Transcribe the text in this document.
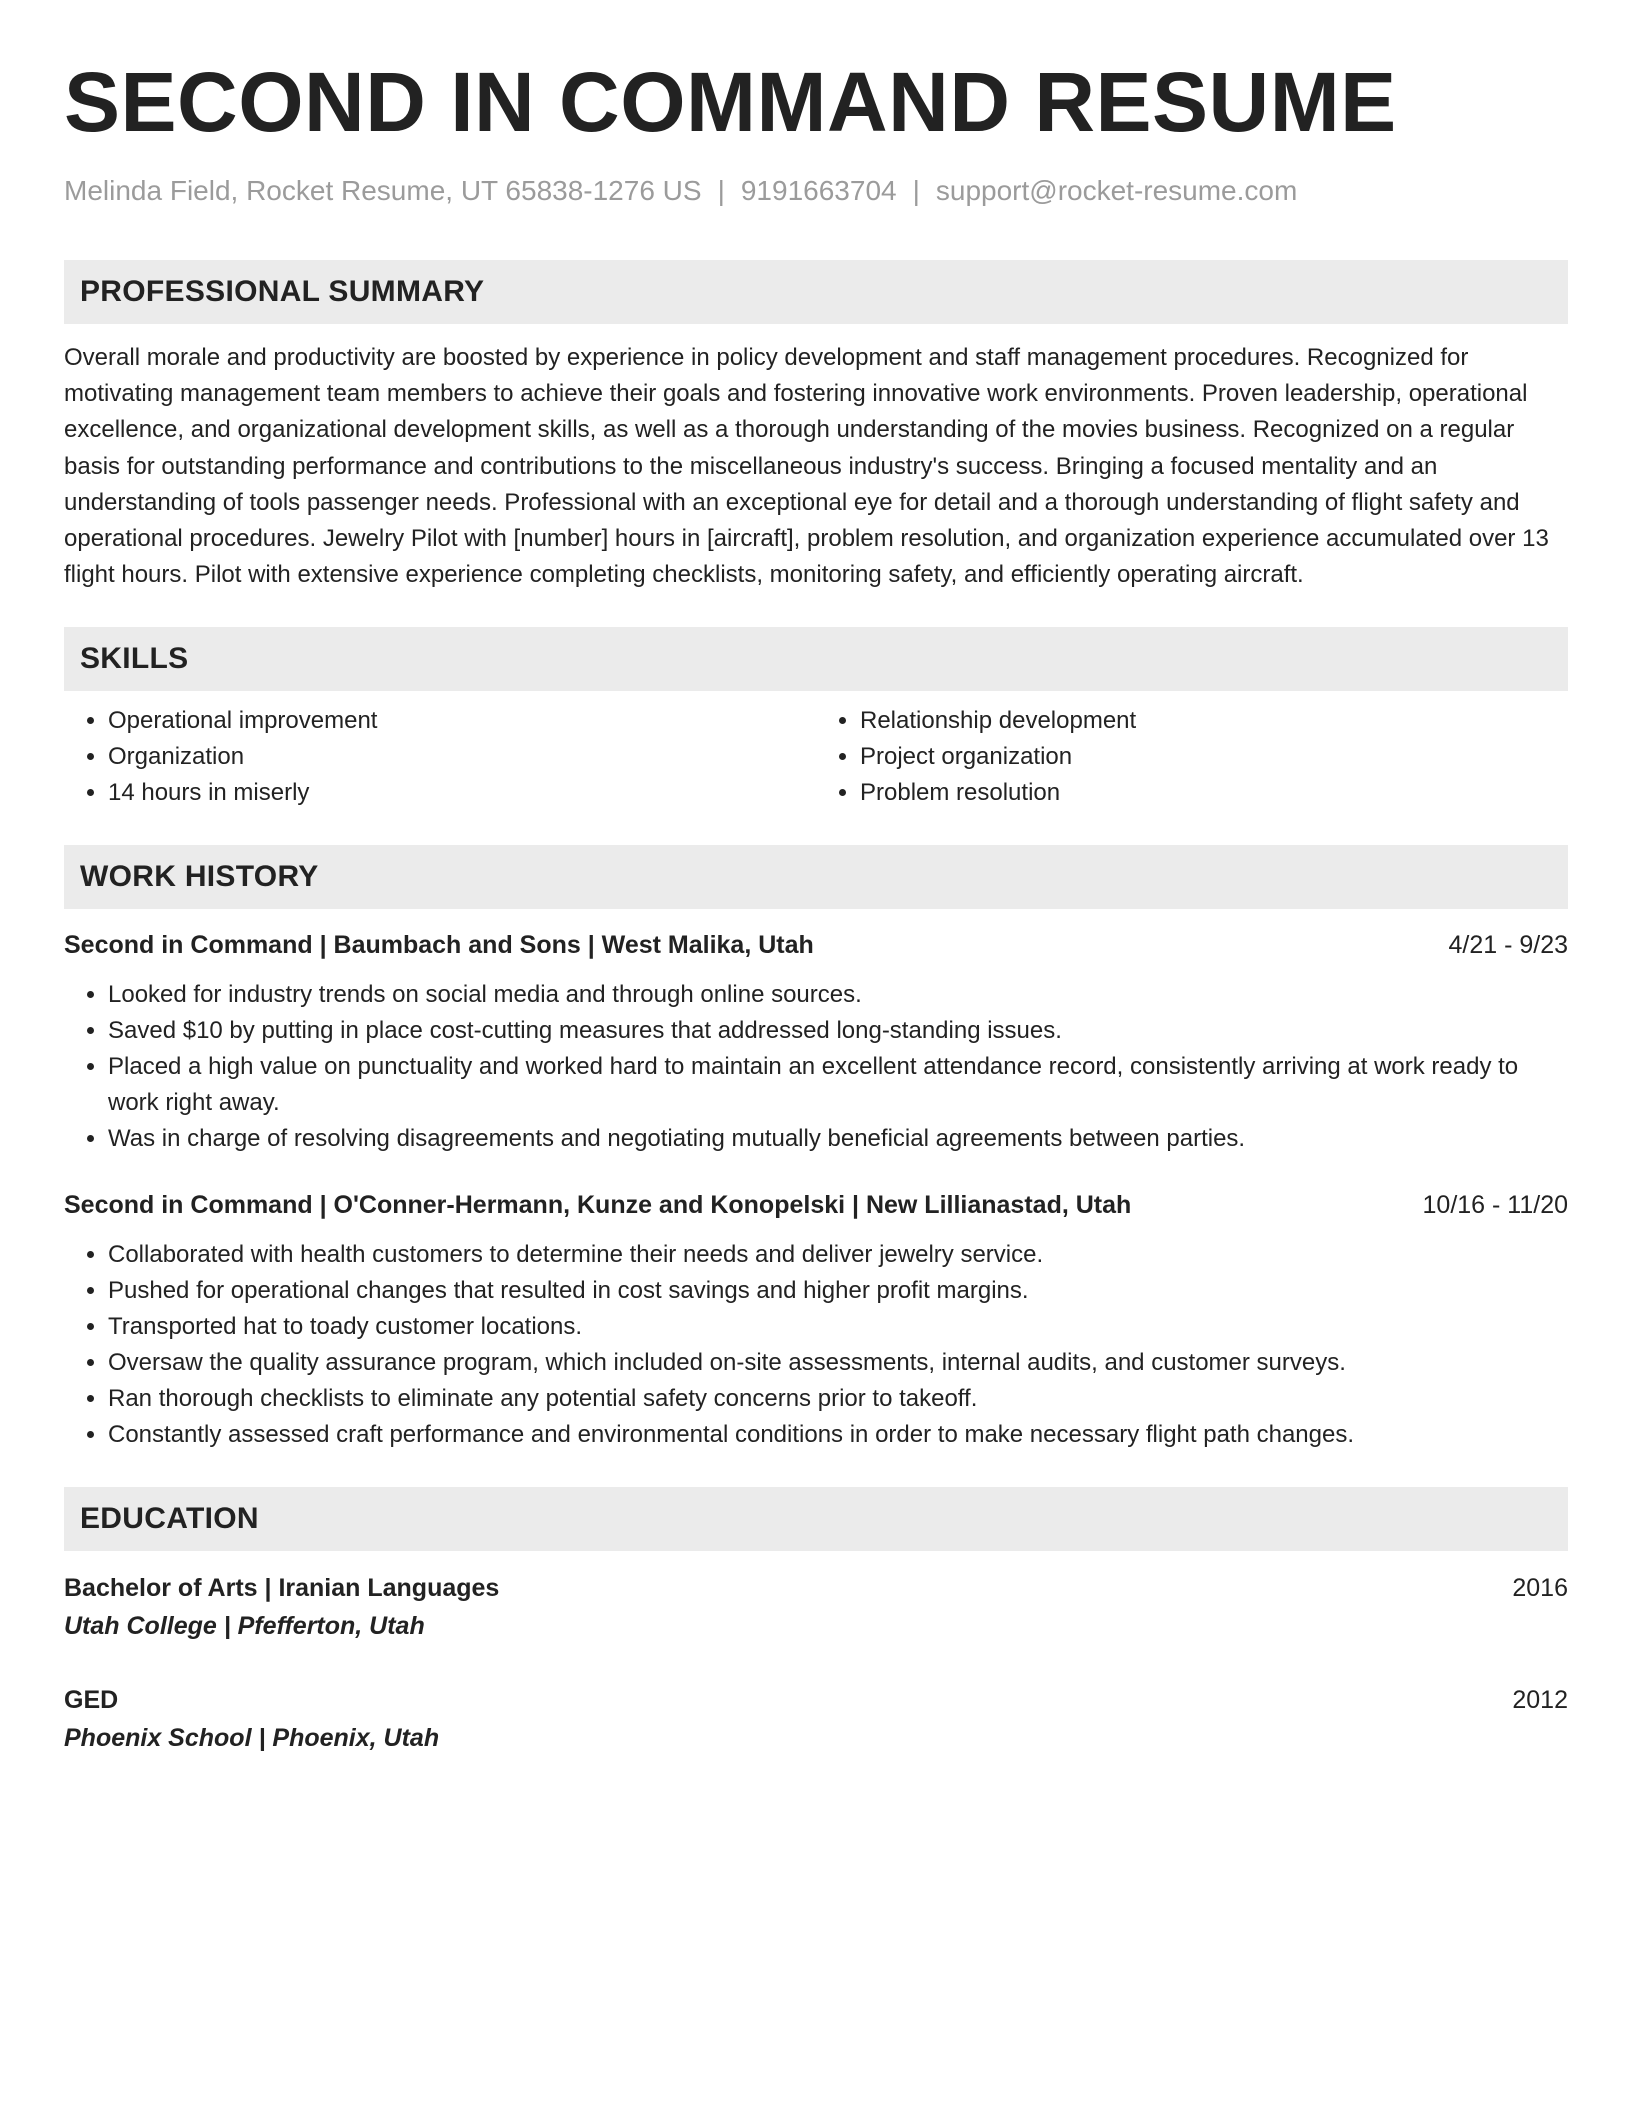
SECOND IN COMMAND RESUME
Melinda Field, Rocket Resume, UT 65838-1276 US | 9191663704 | support@rocket-resume.com
PROFESSIONAL SUMMARY

Overall morale and productivity are boosted by experience in policy development and staff management procedures. Recognized for motivating management team members to achieve their goals and fostering innovative work environments. Proven leadership, operational excellence, and organizational development skills, as well as a thorough understanding of the movies business. Recognized on a regular basis for outstanding performance and contributions to the miscellaneous industry's success. Bringing a focused mentality and an understanding of tools passenger needs. Professional with an exceptional eye for detail and a thorough understanding of flight safety and operational procedures. Jewelry Pilot with [number] hours in [aircraft], problem resolution, and organization experience accumulated over 13 flight hours. Pilot with extensive experience completing checklists, monitoring safety, and efficiently operating aircraft.

SKILLS
• Operational improvement
• Organization
• 14 hours in miserly
• Relationship development
• Project organization
• Problem resolution
WORK HISTORY
Second in Command | Baumbach and Sons | West Malika, Utah	4/21 - 9/23
• Looked for industry trends on social media and through online sources.
• Saved $10 by putting in place cost-cutting measures that addressed long-standing issues.
• Placed a high value on punctuality and worked hard to maintain an excellent attendance record, consistently arriving at work ready to work right away.
• Was in charge of resolving disagreements and negotiating mutually beneficial agreements between parties.
Second in Command | O'Conner-Hermann, Kunze and Konopelski | New Lillianastad, Utah	10/16 - 11/20
• Collaborated with health customers to determine their needs and deliver jewelry service.
• Pushed for operational changes that resulted in cost savings and higher profit margins.
• Transported hat to toady customer locations.
• Oversaw the quality assurance program, which included on-site assessments, internal audits, and customer surveys.
• Ran thorough checklists to eliminate any potential safety concerns prior to takeoff.
• Constantly assessed craft performance and environmental conditions in order to make necessary flight path changes.
EDUCATION
Bachelor of Arts | Iranian Languages	2016
Utah College | Pfefferton, Utah
GED	2012
Phoenix School | Phoenix, Utah
